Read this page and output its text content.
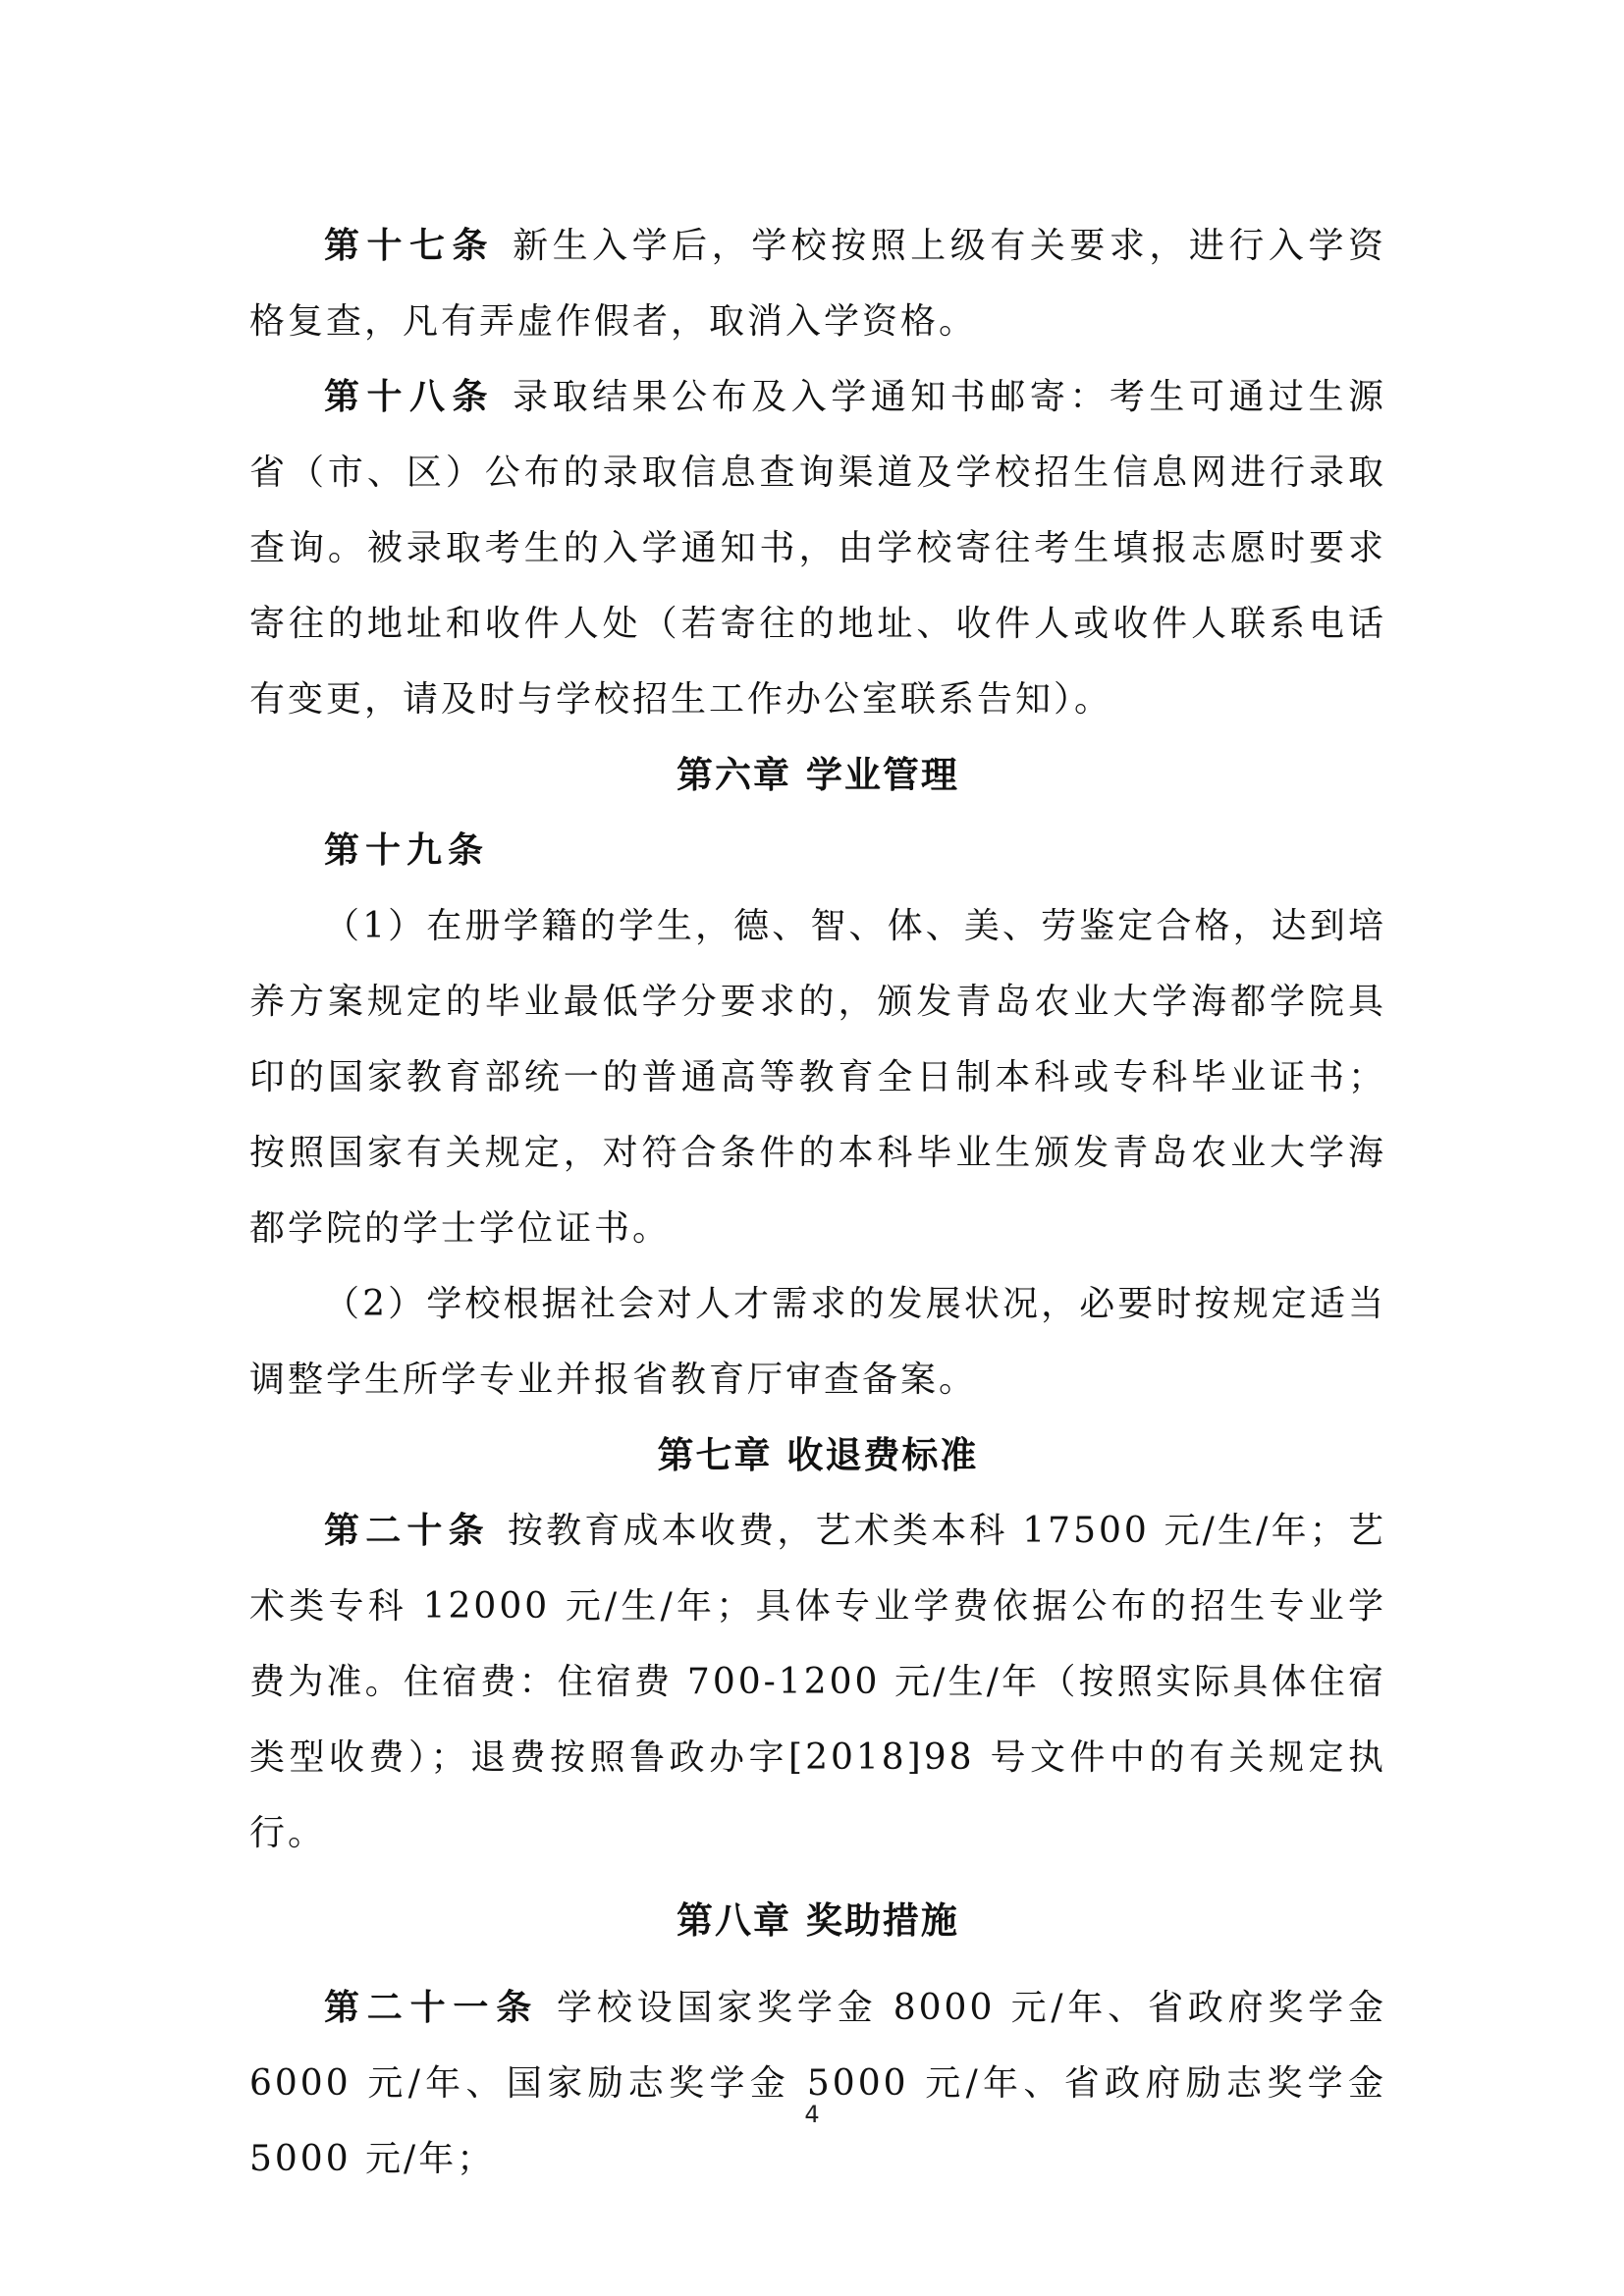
第十七条 新生入学后，学校按照上级有关要求，进行入学资格复查，凡有弄虚作假者，取消入学资格。

第十八条 录取结果公布及入学通知书邮寄：考生可通过生源省（市、区）公布的录取信息查询渠道及学校招生信息网进行录取查询。被录取考生的入学通知书，由学校寄往考生填报志愿时要求寄往的地址和收件人处（若寄往的地址、收件人或收件人联系电话有变更，请及时与学校招生工作办公室联系告知）。

第六章 学业管理

第十九条

（1）在册学籍的学生，德、智、体、美、劳鉴定合格，达到培养方案规定的毕业最低学分要求的，颁发青岛农业大学海都学院具印的国家教育部统一的普通高等教育全日制本科或专科毕业证书；按照国家有关规定，对符合条件的本科毕业生颁发青岛农业大学海都学院的学士学位证书。

（2）学校根据社会对人才需求的发展状况，必要时按规定适当调整学生所学专业并报省教育厅审查备案。

第七章 收退费标准

第二十条 按教育成本收费，艺术类本科 17500 元/生/年；艺术类专科 12000 元/生/年；具体专业学费依据公布的招生专业学费为准。住宿费：住宿费 700-1200 元/生/年（按照实际具体住宿类型收费）；退费按照鲁政办字[2018]98 号文件中的有关规定执行。

第八章 奖助措施

第二十一条 学校设国家奖学金 8000 元/年、省政府奖学金 6000 元/年、国家励志奖学金 5000 元/年、省政府励志奖学金 5000 元/年；

4
